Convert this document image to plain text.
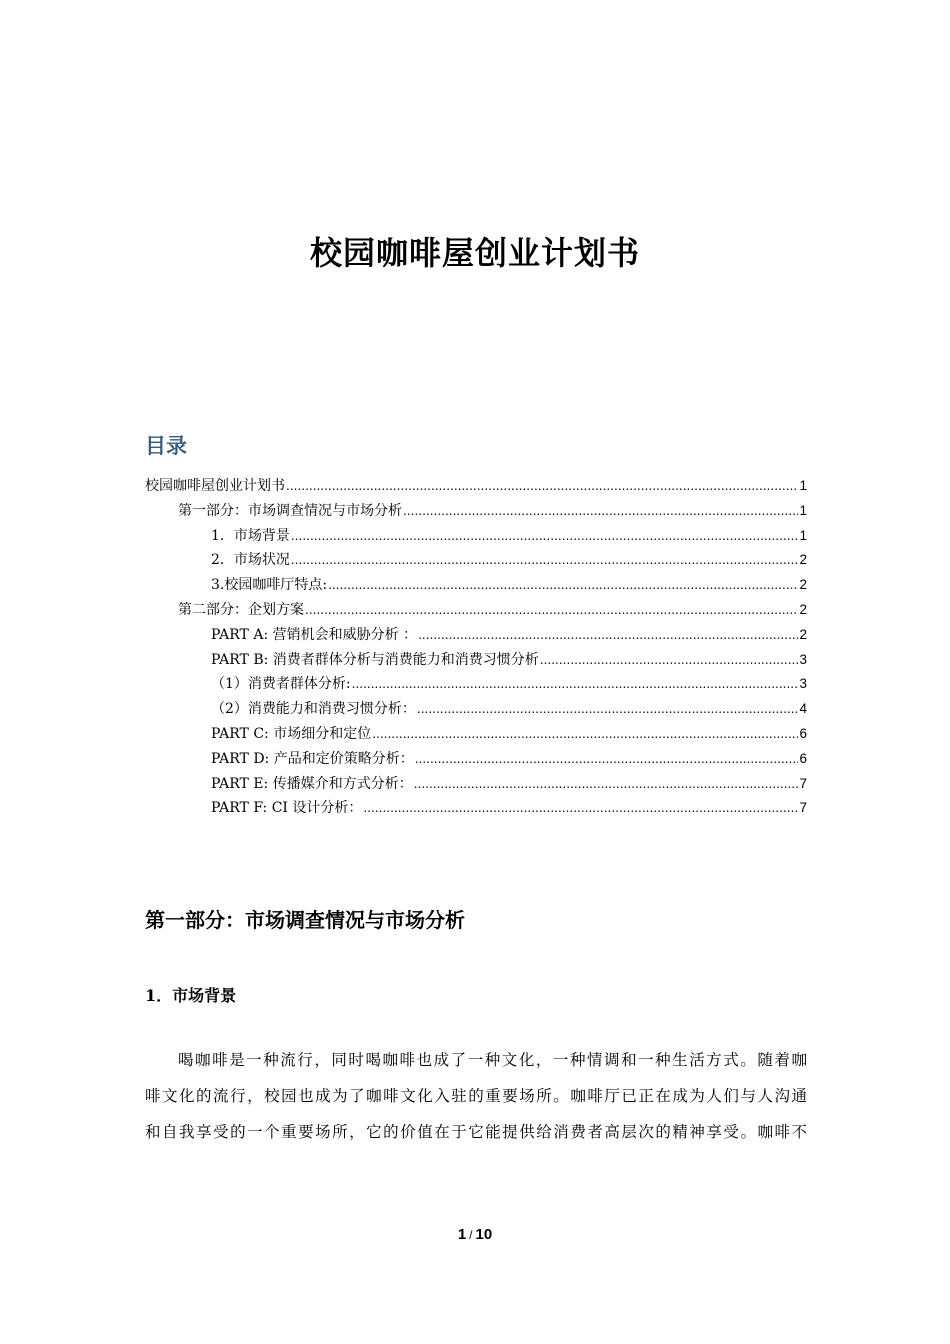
校园咖啡屋创业计划书
目录
校园咖啡屋创业计划书 .....	1
第一部分：市场调查情况与市场分析 .....	1
1．市场背景 .....	1
2．市场状况 .....	2
3.校园咖啡厅特点: .....	2
第二部分：企划方案 .....	2
PART A: 营销机会和威胁分析 ： .....	2
PART B: 消费者群体分析与消费能力和消费习惯分析 .....	3
（1）消费者群体分析: .....	3
（2）消费能力和消费习惯分析： .....	4
PART C: 市场细分和定位 .....	6
PART D: 产品和定价策略分析： .....	6
PART E: 传播媒介和方式分析： .....	7
PART F: CI 设计分析： .....	7
第一部分：市场调查情况与市场分析
1．市场背景
喝咖啡是一种流行，同时喝咖啡也成了一种文化，一种情调和一种生活方式。随着咖
啡文化的流行，校园也成为了咖啡文化入驻的重要场所。咖啡厅已正在成为人们与人沟通
和自我享受的一个重要场所，它的价值在于它能提供给消费者高层次的精神享受。咖啡不
1 / 10
